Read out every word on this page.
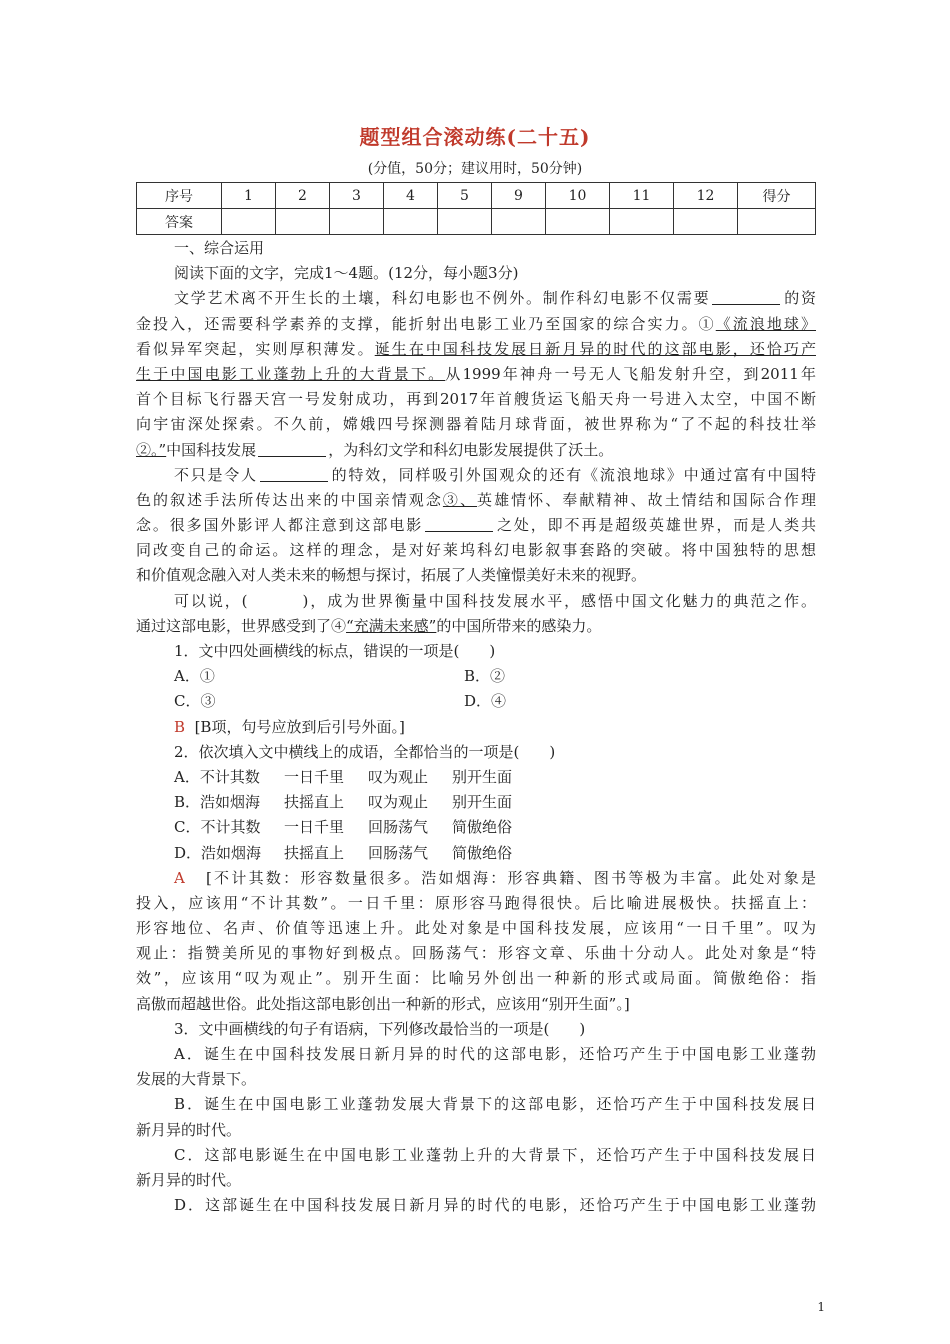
题型组合滚动练(二十五)
(分值，50分；建议用时，50分钟)
序号	1	2	3	4	5	9	10	11	12	得分
答案										
一、综合运用
阅读下面的文字，完成1～4题。(12分，每小题3分)
文学艺术离不开生长的土壤，科幻电影也不例外。制作科幻电影不仅需要	的资
金投入，还需要科学素养的支撑，能折射出电影工业乃至国家的综合实力。①《流浪地球》
看似异军突起，实则厚积薄发。诞生在中国科技发展日新月异的时代的这部电影，还恰巧产
生于中国电影工业蓬勃上升的大背景下。从1999年神舟一号无人飞船发射升空，到2011年
首个目标飞行器天宫一号发射成功，再到2017年首艘货运飞船天舟一号进入太空，中国不断
向宇宙深处探索。不久前，嫦娥四号探测器着陆月球背面，被世界称为“了不起的科技壮举
②。”中国科技发展	，为科幻文学和科幻电影发展提供了沃土。
不只是令人	的特效，同样吸引外国观众的还有《流浪地球》中通过富有中国特
色的叙述手法所传达出来的中国亲情观念③、英雄情怀、奉献精神、故土情结和国际合作理
念。很多国外影评人都注意到这部电影	之处，即不再是超级英雄世界，而是人类共
同改变自己的命运。这样的理念，是对好莱坞科幻电影叙事套路的突破。将中国独特的思想
和价值观念融入对人类未来的畅想与探讨，拓展了人类憧憬美好未来的视野。
可以说，(	)，成为世界衡量中国科技发展水平，感悟中国文化魅力的典范之作。
通过这部电影，世界感受到了④“充满未来感”的中国所带来的感染力。
1．文中四处画横线的标点，错误的一项是(　　)
A．①	B．②
C．③	D．④
B [B项，句号应放到后引号外面。]
2．依次填入文中横线上的成语，全都恰当的一项是(　　)
A．不计其数 一日千里 叹为观止 别开生面
B．浩如烟海 扶摇直上 叹为观止 别开生面
C．不计其数 一日千里 回肠荡气 简傲绝俗
D．浩如烟海 扶摇直上 回肠荡气 简傲绝俗
A [不计其数：形容数量很多。浩如烟海：形容典籍、图书等极为丰富。此处对象是
投入，应该用“不计其数”。一日千里：原形容马跑得很快。后比喻进展极快。扶摇直上：
形容地位、名声、价值等迅速上升。此处对象是中国科技发展，应该用“一日千里”。叹为
观止：指赞美所见的事物好到极点。回肠荡气：形容文章、乐曲十分动人。此处对象是“特
效”，应该用“叹为观止”。别开生面：比喻另外创出一种新的形式或局面。简傲绝俗：指
高傲而超越世俗。此处指这部电影创出一种新的形式，应该用“别开生面”。]
3．文中画横线的句子有语病，下列修改最恰当的一项是(　　)
A．诞生在中国科技发展日新月异的时代的这部电影，还恰巧产生于中国电影工业蓬勃
发展的大背景下。
B．诞生在中国电影工业蓬勃发展大背景下的这部电影，还恰巧产生于中国科技发展日
新月异的时代。
C．这部电影诞生在中国电影工业蓬勃上升的大背景下，还恰巧产生于中国科技发展日
新月异的时代。
D．这部诞生在中国科技发展日新月异的时代的电影，还恰巧产生于中国电影工业蓬勃
1
